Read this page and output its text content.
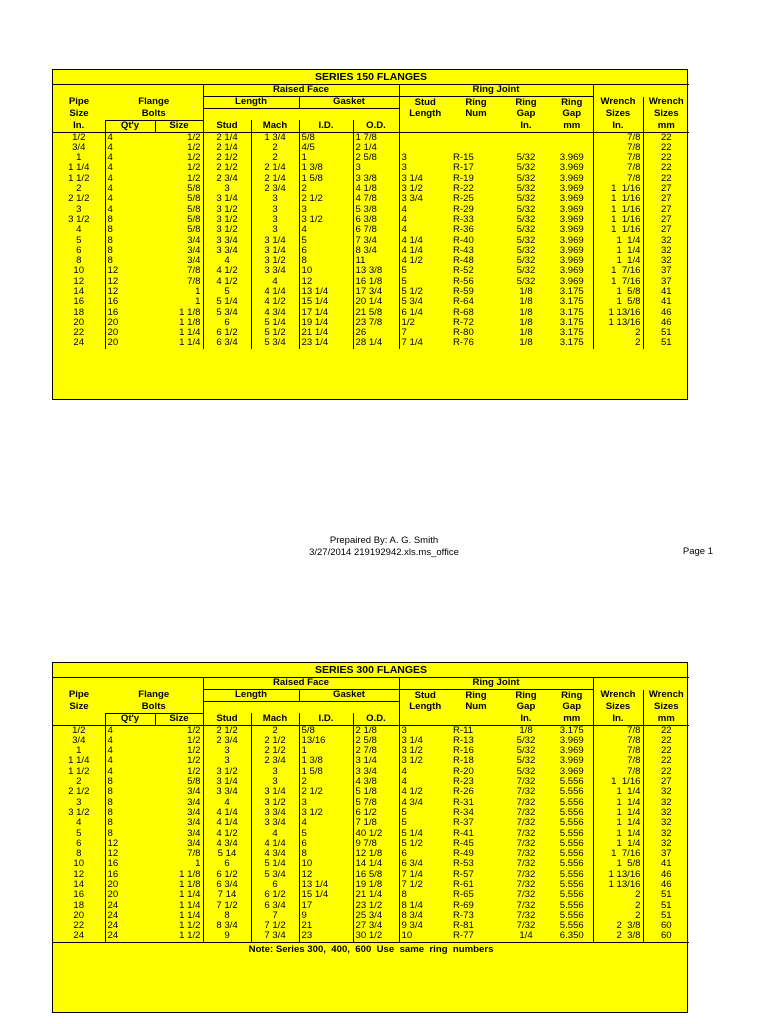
SERIES 150 FLANGES												
			Raised Face				Ring Joint					
Pipe	Flange		Length		Gasket		Stud	Ring	Ring	Ring	Wrench	Wrench
Size	Bolts						Length	Num	Gap	Gap	Sizes	Sizes
In.	Qt'y	Size	Stud	Mach	I.D.	O.D.			In.	mm	In.	mm
1/2	4	1/2	2 1/4	1 3/4	5/8	1 7/8					7/8	22
3/4	4	1/2	2 1/4	2	4/5	2 1/4					7/8	22
1	4	1/2	2 1/2	2	1	2 5/8	3	R-15	5/32	3.969	7/8	22
1 1/4	4	1/2	2 1/2	2 1/4	1 3/8	3	3	R-17	5/32	3.969	7/8	22
1 1/2	4	1/2	2 3/4	2 1/4	1 5/8	3 3/8	3 1/4	R-19	5/32	3.969	7/8	22
2	4	5/8	3	2 3/4	2	4 1/8	3 1/2	R-22	5/32	3.969	1  1/16	27
2 1/2	4	5/8	3 1/4	3	2 1/2	4 7/8	3 3/4	R-25	5/32	3.969	1  1/16	27
3	4	5/8	3 1/2	3	3	5 3/8	4	R-29	5/32	3.969	1  1/16	27
3 1/2	8	5/8	3 1/2	3	3 1/2	6 3/8	4	R-33	5/32	3.969	1  1/16	27
4	8	5/8	3 1/2	3	4	6 7/8	4	R-36	5/32	3.969	1  1/16	27
5	8	3/4	3 3/4	3 1/4	5	7 3/4	4 1/4	R-40	5/32	3.969	1  1/4	32
6	8	3/4	3 3/4	3 1/4	6	8 3/4	4 1/4	R-43	5/32	3.969	1  1/4	32
8	8	3/4	4	3 1/2	8	11	4 1/2	R-48	5/32	3.969	1  1/4	32
10	12	7/8	4 1/2	3 3/4	10	13 3/8	5	R-52	5/32	3.969	1  7/16	37
12	12	7/8	4 1/2	4	12	16 1/8	5	R-56	5/32	3.969	1  7/16	37
14	12	1	5	4 1/4	13 1/4	17 3/4	5 1/2	R-59	1/8	3.175	1  5/8	41
16	16	1	5 1/4	4 1/2	15 1/4	20 1/4	5 3/4	R-64	1/8	3.175	1  5/8	41
18	16	1 1/8	5 3/4	4 3/4	17 1/4	21 5/8	6 1/4	R-68	1/8	3.175	1 13/16	46
20	20	1 1/8	6	5 1/4	19 1/4	23 7/8	1/2	R-72	1/8	3.175	1 13/16	46
22	20	1 1/4	6 1/2	5 1/2	21 1/4	26	7	R-80	1/8	3.175	2	51
24	20	1 1/4	6 3/4	5 3/4	23 1/4	28 1/4	7 1/4	R-76	1/8	3.175	2	51
Prepaired By: A. G. Smith
3/27/2014 219192942.xls.ms_office	Page 1
SERIES 300 FLANGES												
			Raised Face				Ring Joint					
Pipe	Flange		Length		Gasket		Stud	Ring	Ring	Ring	Wrench	Wrench
Size	Bolts						Length	Num	Gap	Gap	Sizes	Sizes
	Qt'y	Size	Stud	Mach	I.D.	O.D.			In.	mm	In.	mm
1/2	4	1/2	2 1/2	2	5/8	2 1/8	3	R-11	1/8	3.175	7/8	22
3/4	4	1/2	2 3/4	2 1/2	13/16	2 5/8	3 1/4	R-13	5/32	3.969	7/8	22
1	4	1/2	3	2 1/2	1	2 7/8	3 1/2	R-16	5/32	3.969	7/8	22
1 1/4	4	1/2	3	2 3/4	1 3/8	3 1/4	3 1/2	R-18	5/32	3.969	7/8	22
1 1/2	4	1/2	3 1/2	3	1 5/8	3 3/4	4	R-20	5/32	3.969	7/8	22
2	8	5/8	3 1/4	3	2	4 3/8	4	R-23	7/32	5.556	1  1/16	27
2 1/2	8	3/4	3 3/4	3 1/4	2 1/2	5 1/8	4 1/2	R-26	7/32	5.556	1  1/4	32
3	8	3/4	4	3 1/2	3	5 7/8	4 3/4	R-31	7/32	5.556	1  1/4	32
3 1/2	8	3/4	4 1/4	3 3/4	3 1/2	6 1/2	5	R-34	7/32	5.556	1  1/4	32
4	8	3/4	4 1/4	3 3/4	4	7 1/8	5	R-37	7/32	5.556	1  1/4	32
5	8	3/4	4 1/2	4	5	40 1/2	5 1/4	R-41	7/32	5.556	1  1/4	32
6	12	3/4	4 3/4	4 1/4	6	9 7/8	5 1/2	R-45	7/32	5.556	1  1/4	32
8	12	7/8	5 14	4 3/4	8	12 1/8	6	R-49	7/32	5.556	1  7/16	37
10	16	1	6	5 1/4	10	14 1/4	6 3/4	R-53	7/32	5.556	1  5/8	41
12	16	1 1/8	6 1/2	5 3/4	12	16 5/8	7 1/4	R-57	7/32	5.556	1 13/16	46
14	20	1 1/8	6 3/4	6	13 1/4	19 1/8	7 1/2	R-61	7/32	5.556	1 13/16	46
16	20	1 1/4	7 14	6 1/2	15 1/4	21 1/4	8	R-65	7/32	5.556	2	51
18	24	1 1/4	7 1/2	6 3/4	17	23 1/2	8 1/4	R-69	7/32	5.556	2	51
20	24	1 1/4	8	7	9	25 3/4	8 3/4	R-73	7/32	5.556	2	51
22	24	1 1/2	8 3/4	7 1/2	21	27 3/4	9 3/4	R-81	7/32	5.556	2  3/8	60
24	24	1 1/2	9	7 3/4	23	30 1/2	10	R-77	1/4	6.350	2  3/8	60
Note: Series 300,  400,  600  Use  same  ring  numbers												
